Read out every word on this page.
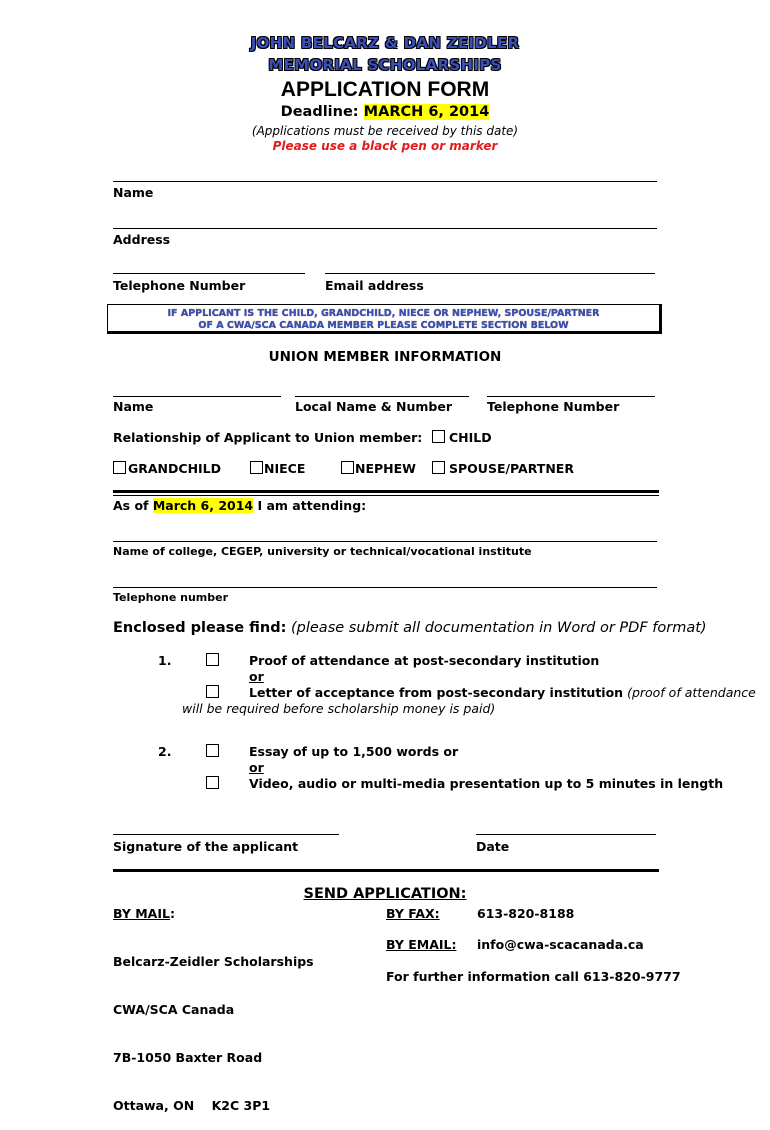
JOHN BELCARZ & DAN ZEIDLER
MEMORIAL SCHOLARSHIPS
APPLICATION FORM
Deadline: MARCH 6, 2014
(Applications must be received by this date)
Please use a black pen or marker
Name
Address
Telephone Number	Email address
IF APPLICANT IS THE CHILD, GRANDCHILD, NIECE OR NEPHEW, SPOUSE/PARTNER
OF A CWA/SCA CANADA MEMBER PLEASE COMPLETE SECTION BELOW
UNION MEMBER INFORMATION
Name	Local Name & Number	Telephone Number
Relationship of Applicant to Union member: CHILD
GRANDCHILD	NIECE	NEPHEW	SPOUSE/PARTNER
As of March 6, 2014 I am attending:
Name of college, CEGEP, university or technical/vocational institute
Telephone number
Enclosed please find: (please submit all documentation in Word or PDF format)
1.	Proof of attendance at post-secondary institution
or
Letter of acceptance from post-secondary institution (proof of attendance
will be required before scholarship money is paid)
2.	Essay of up to 1,500 words or
or
Video, audio or multi-media presentation up to 5 minutes in length
Signature of the applicant	Date
SEND APPLICATION:
BY MAIL:

Belcarz-Zeidler Scholarships

CWA/SCA Canada

7B-1050 Baxter Road

Ottawa, ON    K2C 3P1

BY FAX:	613-820-8188
BY EMAIL: info@cwa-scacanada.ca
For further information call 613-820-9777
